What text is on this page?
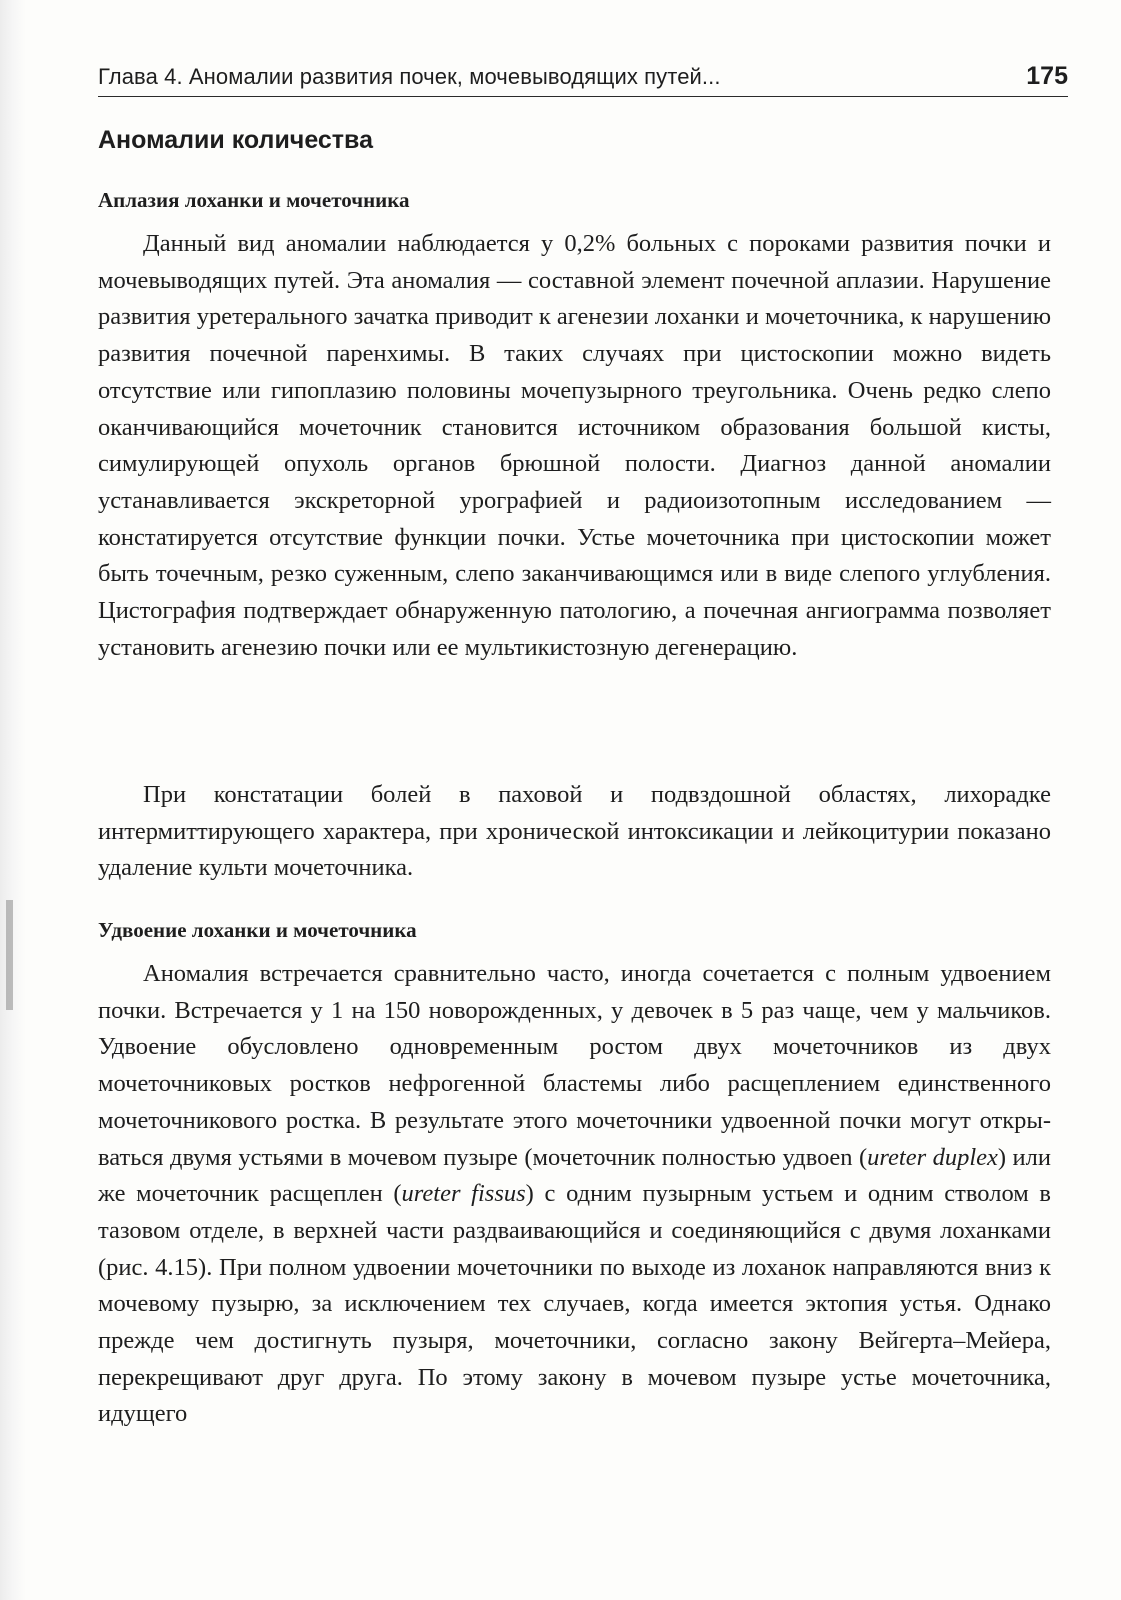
Глава 4. Аномалии развития почек, мочевыводящих путей...	175
Аномалии количества
Аплазия лоханки и мочеточника

Данный вид аномалии наблюдается у 0,2% больных с пороками развития почки и мочевыводящих путей. Эта аномалия — составной элемент почечной аплазии. Нарушение развития уретерального зачатка приводит к агенезии лоханки и мочеточника, к нарушению развития почечной паренхимы. В таких случаях при цистоскопии можно видеть отсутствие или гипоплазию половины мочепузырного треугольника. Очень редко слепо оканчивающийся мочеточник становится источником образования большой кисты, симулирующей опухоль органов брюшной полости. Диагноз данной аномалии устанавливается экскреторной урографией и радиоизотопным исследованием — констатируется отсутствие функции почки. Устье мочеточника при цистоскопии может быть точечным, резко суженным, слепо заканчивающимся или в виде слепого углубления. Цистография подтверждает обнаруженную патологию, а почечная ангиограмма позволяет установить агенезию почки или ее мультикистозную дегенерацию.

При констатации болей в паховой и подвздошной областях, лихорадке интермиттирующего характера, при хронической интоксикации и лейкоцитурии показано удаление культи мочеточника.

Удвоение лоханки и мочеточника

Аномалия встречается сравнительно часто, иногда сочетается с полным удвоением почки. Встречается у 1 на 150 новорожденных, у девочек в 5 раз чаще, чем у мальчиков. Удвоение обусловлено одновременным ростом двух мочеточников из двух мочеточниковых ростков нефрогенной бластемы либо расщеплением единственного мочеточникового ростка. В результате этого мочеточники удвоенной почки могут открываться двумя устьями в мочевом пузыре (мочеточник полностью удвоen (ureter duplex) или же мочеточник расщеплен (ureter fissus) с одним пузырным устьем и одним стволом в тазовом отделе, в верхней части раздваивающийся и соединяющийся с двумя лоханками (рис. 4.15). При полном удвоении мочеточники по выходе из лоханок направляются вниз к мочевому пузырю, за исключением тех случаев, когда имеется эктопия устья. Однако прежде чем достигнуть пузыря, мочеточники, согласно закону Вейгерта–Мейера, перекрещивают друг друга. По этому закону в мочевом пузыре устье мочеточника, идущего
